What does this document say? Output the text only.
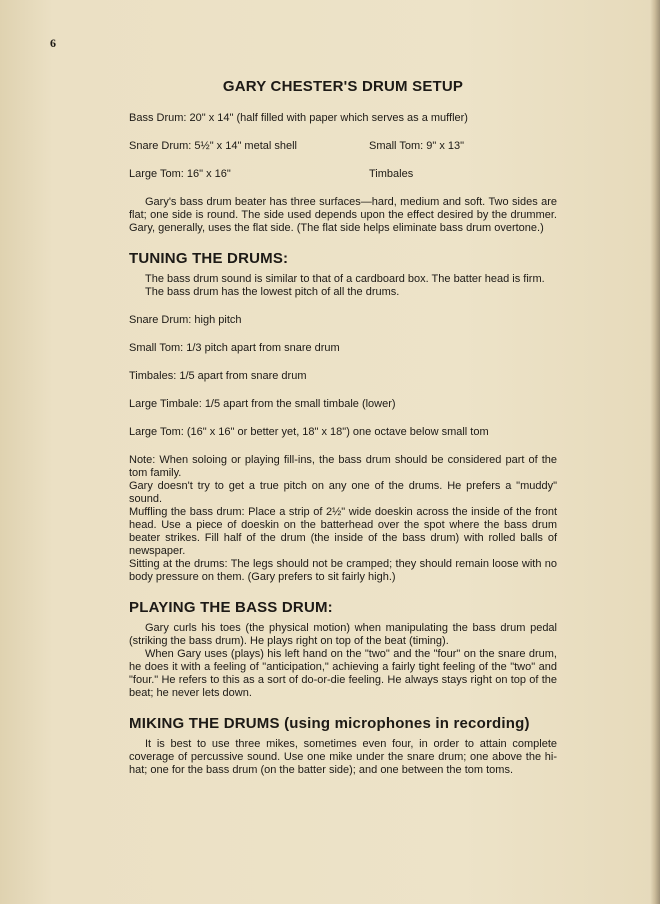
6
GARY CHESTER'S DRUM SETUP
Bass Drum: 20" x 14" (half filled with paper which serves as a muffler)
Snare Drum: 5½" x 14" metal shell	Small Tom: 9" x 13"
Large Tom: 16" x 16"	Timbales

Gary's bass drum beater has three surfaces—hard, medium and soft. Two sides are flat; one side is round. The side used depends upon the effect desired by the drummer. Gary, generally, uses the flat side. (The flat side helps eliminate bass drum overtone.)

TUNING THE DRUMS:

The bass drum sound is similar to that of a cardboard box. The batter head is firm.

The bass drum has the lowest pitch of all the drums.

Snare Drum: high pitch

Small Tom: 1/3 pitch apart from snare drum

Timbales: 1/5 apart from snare drum

Large Timbale: 1/5 apart from the small timbale (lower)

Large Tom: (16" x 16" or better yet, 18" x 18") one octave below small tom

Note: When soloing or playing fill-ins, the bass drum should be considered part of the tom family.

Gary doesn't try to get a true pitch on any one of the drums. He prefers a "muddy" sound.

Muffling the bass drum: Place a strip of 2½" wide doeskin across the inside of the front head. Use a piece of doeskin on the batterhead over the spot where the bass drum beater strikes. Fill half of the drum (the inside of the bass drum) with rolled balls of newspaper.

Sitting at the drums: The legs should not be cramped; they should remain loose with no body pressure on them. (Gary prefers to sit fairly high.)

PLAYING THE BASS DRUM:

Gary curls his toes (the physical motion) when manipulating the bass drum pedal (striking the bass drum). He plays right on top of the beat (timing).

When Gary uses (plays) his left hand on the "two" and the "four" on the snare drum, he does it with a feeling of "anticipation," achieving a fairly tight feeling of the "two" and "four." He refers to this as a sort of do-or-die feeling. He always stays right on top of the beat; he never lets down.

MIKING THE DRUMS (using microphones in recording)

It is best to use three mikes, sometimes even four, in order to attain complete coverage of percussive sound. Use one mike under the snare drum; one above the hi-hat; one for the bass drum (on the batter side); and one between the tom toms.
